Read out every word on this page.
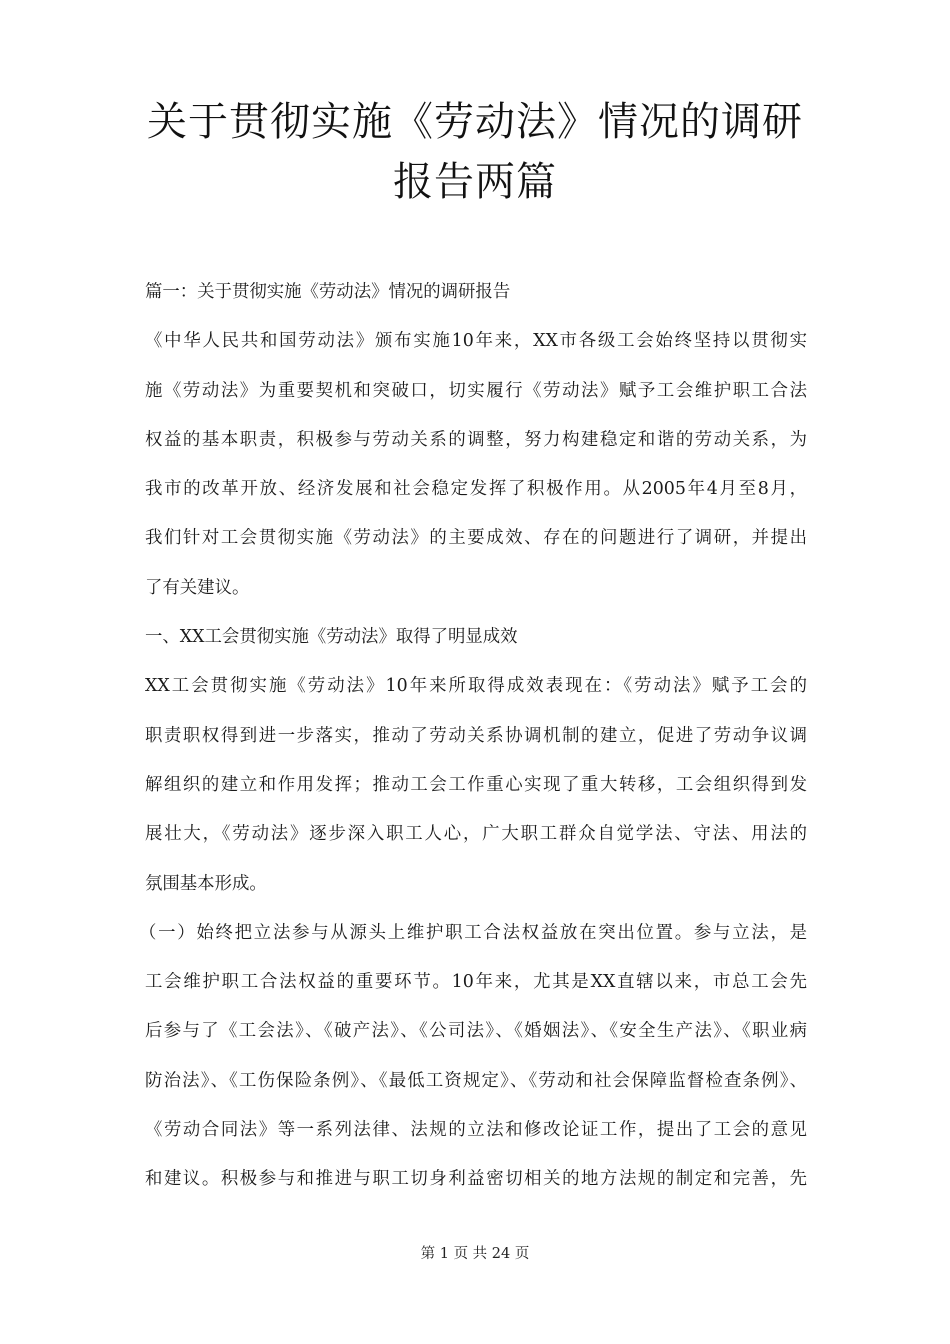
关于贯彻实施《劳动法》情况的调研
报告两篇
篇一：关于贯彻实施《劳动法》情况的调研报告
《中华人民共和国劳动法》颁布实施10年来，XX市各级工会始终坚持以贯彻实
施《劳动法》为重要契机和突破口，切实履行《劳动法》赋予工会维护职工合法
权益的基本职责，积极参与劳动关系的调整，努力构建稳定和谐的劳动关系，为
我市的改革开放、经济发展和社会稳定发挥了积极作用。从2005年4月至8月，
我们针对工会贯彻实施《劳动法》的主要成效、存在的问题进行了调研，并提出
了有关建议。
一、XX工会贯彻实施《劳动法》取得了明显成效
XX工会贯彻实施《劳动法》10年来所取得成效表现在：《劳动法》赋予工会的
职责职权得到进一步落实，推动了劳动关系协调机制的建立，促进了劳动争议调
解组织的建立和作用发挥；推动工会工作重心实现了重大转移，工会组织得到发
展壮大，《劳动法》逐步深入职工人心，广大职工群众自觉学法、守法、用法的
氛围基本形成。
（一）始终把立法参与从源头上维护职工合法权益放在突出位置。参与立法，是
工会维护职工合法权益的重要环节。10年来，尤其是XX直辖以来，市总工会先
后参与了《工会法》、《破产法》、《公司法》、《婚姻法》、《安全生产法》、《职业病
防治法》、《工伤保险条例》、《最低工资规定》、《劳动和社会保障监督检查条例》、
《劳动合同法》等一系列法律、法规的立法和修改论证工作，提出了工会的意见
和建议。积极参与和推进与职工切身利益密切相关的地方法规的制定和完善，先
第 1 页 共 24 页
